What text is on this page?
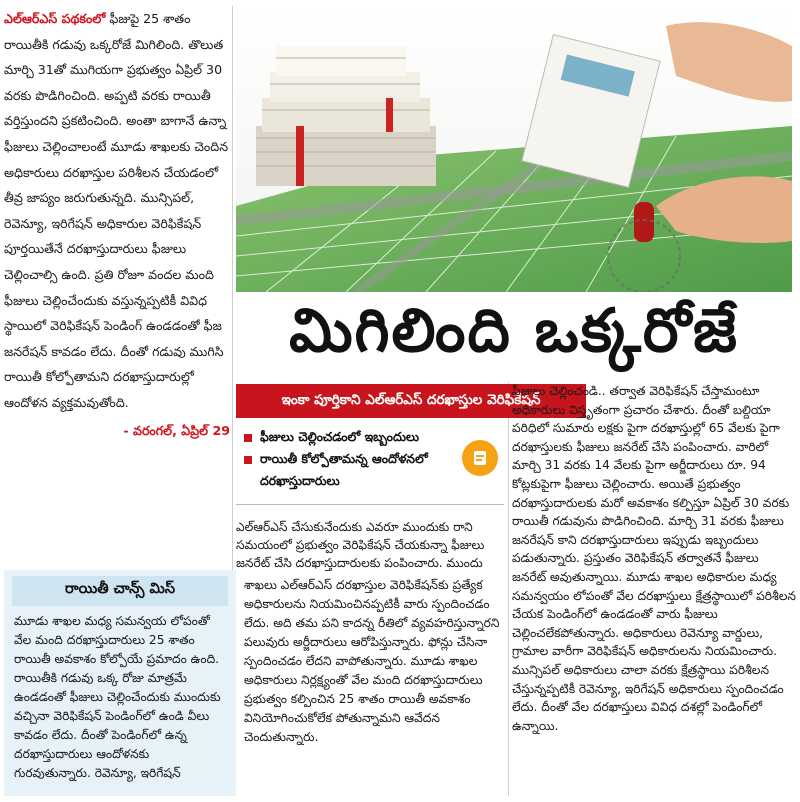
ఎల్‌ఆర్‌ఎస్‌ పథకంలో ఫీజుపై 25 శాతం రాయితీకి గడువు ఒక్కరోజే మిగిలింది. తొలుత మార్చి 31తో ముగియగా ప్రభుత్వం ఏప్రిల్‌ 30 వరకు పొడిగించింది. అప్పటి వరకు రాయితీ వర్తిస్తుందని ప్రకటించింది. అంతా బాగానే ఉన్నా ఫీజులు చెల్లించాలంటే మూడు శాఖలకు చెందిన అధికారులు దరఖాస్తుల పరిశీలన చేయడంలో తీవ్ర జాప్యం జరుగుతున్నది. మున్సిపల్‌, రెవెన్యూ, ఇరిగేషన్‌ అధికారుల వెరిఫికేషన్‌ పూర్తయితేనే దరఖాస్తుదారులు ఫీజులు చెల్లించాల్సి ఉంది. ప్రతి రోజూ వందల మంది ఫీజులు చెల్లించేందుకు వస్తున్నప్పటికీ వివిధ స్థాయిలో వెరిఫికేషన్‌ పెండింగ్‌ ఉండడంతో ఫీజ జనరేషన్‌ కావడం లేదు. దీంతో గడువు ముగిసి రాయితీ కోల్పోతామని దరఖాస్తుదారుల్లో ఆందోళన వ్యక్తమవుతోంది.

- వరంగల్‌, ఏప్రిల్‌ 29

మిగిలింది ఒక్కరోజే
ఇంకా పూర్తికాని ఎల్‌ఆర్‌ఎస్‌ దరఖాస్తుల వెరిఫికేషన్‌
ఫీజులు చెల్లించడంలో ఇబ్బందులు
రాయితీ కోల్పోతామన్న ఆందోళనలో దరఖాస్తుదారులు

ఎల్‌ఆర్‌ఎస్‌ చేసుకునేందుకు ఎవరూ ముందుకు రాని సమయంలో ప్రభుత్వం వెరిఫికేషన్‌ చేయకున్నా ఫీజులు జనరేట్‌ చేసి దరఖాస్తుదారులకు పంపించారు. ముందు

ఫీజులు చెల్లించండి.. తర్వాత వెరిఫికేషన్‌ చేస్తామంటూ అధికారులు విస్తృతంగా ప్రచారం చేశారు. దీంతో బల్దియా పరిధిలో సుమారు లక్షకు పైగా దరఖాస్తుల్లో 65 వేలకు పైగా దరఖాస్తులకు ఫీజులు జనరేట్‌ చేసి పంపించారు. వారిలో మార్చి 31 వరకు 14 వేలకు పైగా అర్జీదారులు రూ. 94 కోట్లకుపైగా ఫీజులు చెల్లించారు. అయితే ప్రభుత్వం దరఖాస్తుదారులకు మరో అవకాశం కల్పిస్తూ ఏప్రిల్‌ 30 వరకు రాయితీ గడువును పొడిగించింది. మార్చి 31 వరకు ఫీజులు జనరేషన్‌ కాని దరఖాస్తుదారులు ఇప్పుడు ఇబ్బందులు పడుతున్నారు. ప్రస్తుతం వెరిఫికేషన్‌ తర్వాతనే ఫీజులు జనరేట్‌ అవుతున్నాయి. మూడు శాఖల అధికారుల మధ్య సమన్వయం లోపంతో వేల దరఖాస్తులు క్షేత్రస్థాయిలో పరిశీలన చేయక పెండింగ్‌లో ఉండడంతో వారు ఫీజులు చెల్లించలేకపోతున్నారు. అధికారులు రెవెన్యూ వార్డులు, గ్రామాల వారీగా వెరిఫికేషన్‌ అధికారులను నియమించారు. మున్సిపల్‌ అధికారులు చాలా వరకు క్షేత్రస్థాయి పరిశీలన చేస్తున్నప్పటికీ రెవెన్యూ, ఇరిగేషన్‌ అధికారులు స్పందించడం లేదు. దీంతో వేల దరఖాస్తులు వివిధ దశల్లో పెండింగ్‌లో ఉన్నాయి.

రాయితీ చాన్స్‌ మిస్‌

మూడు శాఖల మధ్య సమన్వయ లోపంతో వేల మంది దరఖాస్తుదారులు 25 శాతం రాయితీ అవకాశం కోల్పోయే ప్రమాదం ఉంది. రాయితీకి గడువు ఒక్క రోజు మాత్రమే ఉండడంతో ఫీజులు చెల్లించేందుకు ముందుకు వచ్చినా వెరిఫికేషన్‌ పెండింగ్‌లో ఉండి వీలు కావడం లేదు. దీంతో పెండింగ్‌లో ఉన్న దరఖాస్తుదారులు ఆందోళనకు గురవుతున్నారు. రెవెన్యూ, ఇరిగేషన్‌

శాఖలు ఎల్‌ఆర్‌ఎస్‌ దరఖాస్తుల వెరిఫికేషన్‌కు ప్రత్యేక అధికారులను నియమించినప్పటికీ వారు స్పందించడం లేదు. అది తమ పని కాదన్న రీతిలో వ్యవహరిస్తున్నారని పలువురు అర్జీదారులు ఆరోపిస్తున్నారు. ఫోన్లు చేసినా స్పందించడం లేదని వాపోతున్నారు. మూడు శాఖల అధికారులు నిర్లక్ష్యంతో వేల మంది దరఖాస్తుదారులు ప్రభుత్వం కల్పించిన 25 శాతం రాయితీ అవకాశం వినియోగించుకోలేక పోతున్నామని ఆవేదన చెందుతున్నారు.
